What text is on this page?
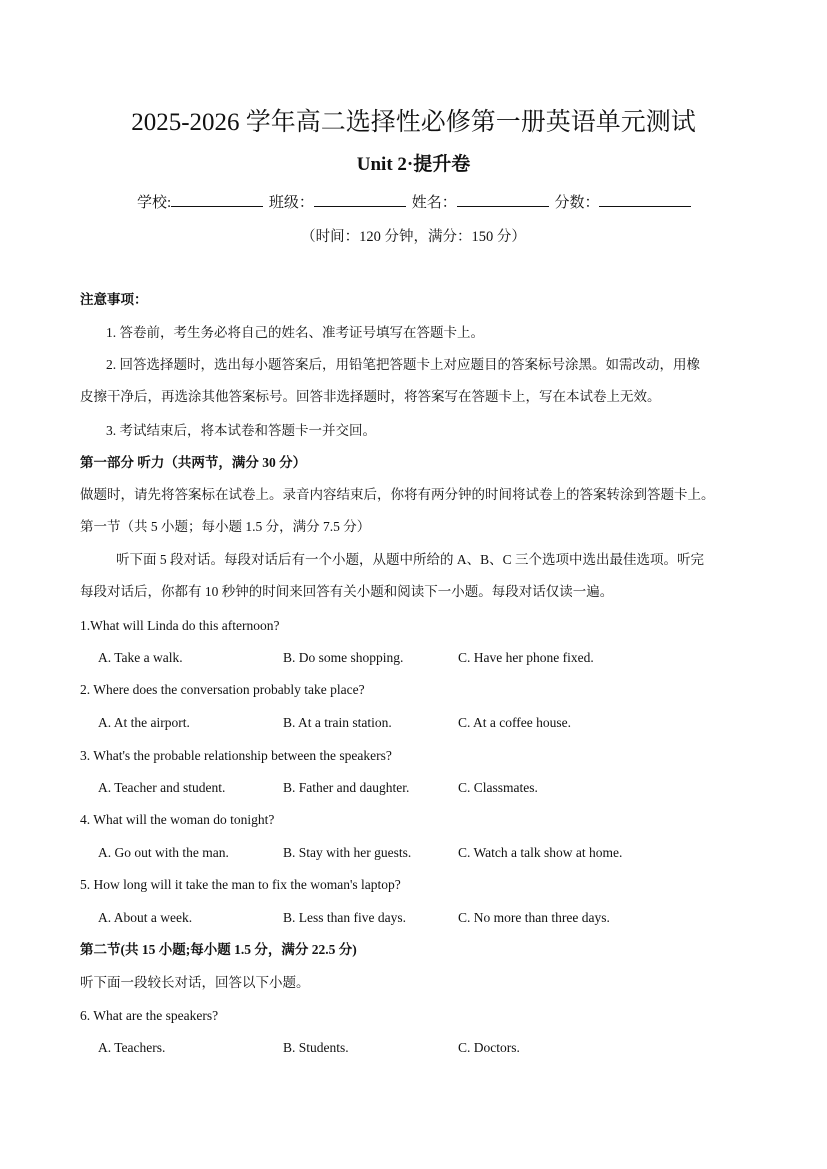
2025-2026 学年高二选择性必修第一册英语单元测试
Unit 2·提升卷
学校:	班级：	姓名：	分数：
（时间：120 分钟，满分：150 分）
注意事项：
1. 答卷前，考生务必将自己的姓名、准考证号填写在答题卡上。
2. 回答选择题时，选出每小题答案后，用铅笔把答题卡上对应题目的答案标号涂黑。如需改动，用橡
皮擦干净后，再选涂其他答案标号。回答非选择题时，将答案写在答题卡上，写在本试卷上无效。
3. 考试结束后，将本试卷和答题卡一并交回。
第一部分 听力（共两节，满分 30 分）
做题时，请先将答案标在试卷上。录音内容结束后，你将有两分钟的时间将试卷上的答案转涂到答题卡上。
第一节（共 5 小题；每小题 1.5 分，满分 7.5 分）
听下面 5 段对话。每段对话后有一个小题，从题中所给的 A、B、C 三个选项中选出最佳选项。听完
每段对话后，你都有 10 秒钟的时间来回答有关小题和阅读下一小题。每段对话仅读一遍。
1.What will Linda do this afternoon?
A. Take a walk.	B. Do some shopping.	C. Have her phone fixed.
2. Where does the conversation probably take place?
A. At the airport.	B. At a train station.	C. At a coffee house.
3. What's the probable relationship between the speakers?
A. Teacher and student.	B. Father and daughter.	C. Classmates.
4. What will the woman do tonight?
A. Go out with the man.	B. Stay with her guests.	C. Watch a talk show at home.
5. How long will it take the man to fix the woman's laptop?
A. About a week.	B. Less than five days.	C. No more than three days.
第二节(共 15 小题;每小题 1.5 分，满分 22.5 分)
听下面一段较长对话，回答以下小题。
6. What are the speakers?
A. Teachers.	B. Students.	C. Doctors.
